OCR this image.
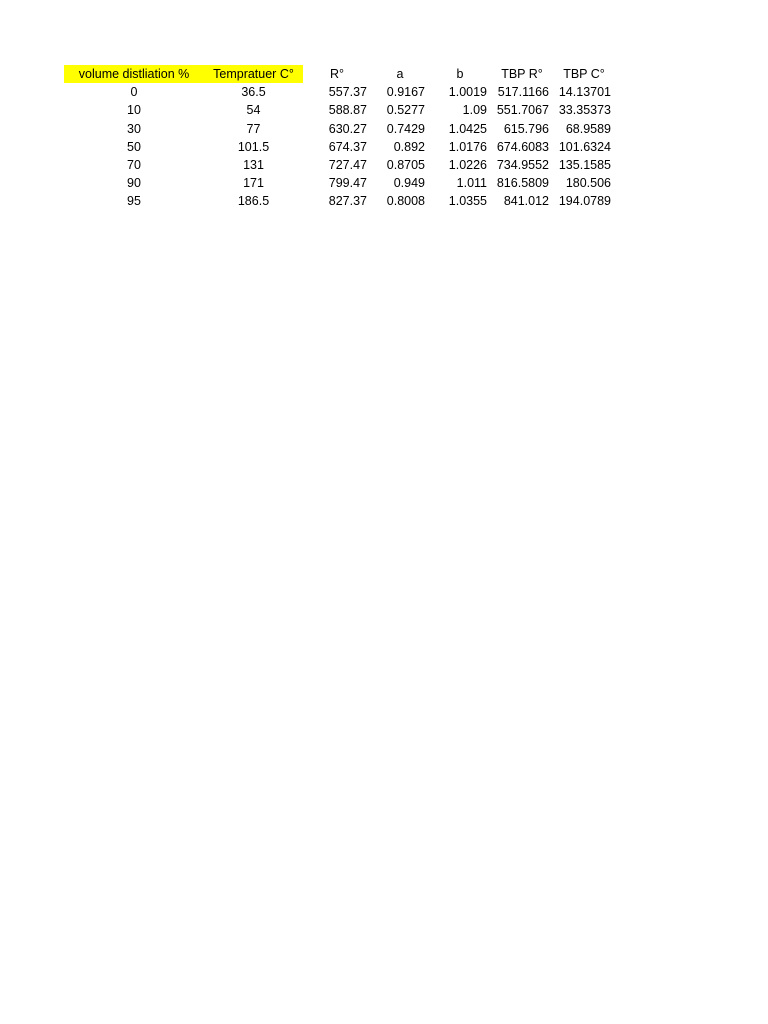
volume distliation %	Tempratuer C°	R°	a	b	TBP R°	TBP C°
0	36.5	557.37	0.9167	1.0019 517.1166 14.13701
10	54	588.87	0.5277	1.09 551.7067 33.35373
30	77	630.27	0.7429	1.0425	615.796	68.9589
50	101.5	674.37	0.892	1.0176 674.6083 101.6324
70	131	727.47	0.8705	1.0226 734.9552 135.1585
90	171	799.47	0.949	1.011 816.5809	180.506
95	186.5	827.37	0.8008	1.0355	841.012 194.0789
